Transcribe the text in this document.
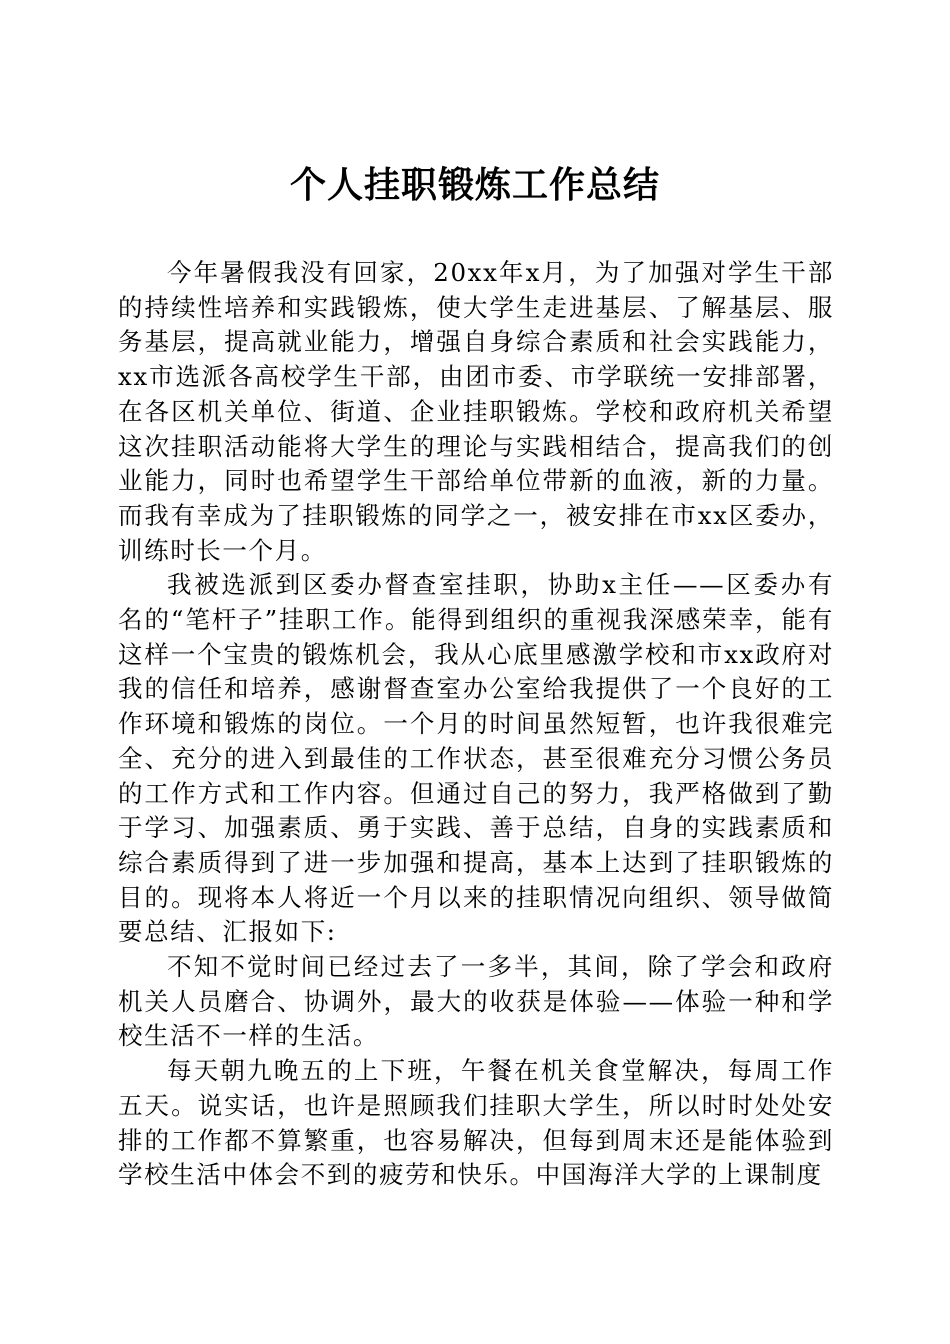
个人挂职锻炼工作总结

今年暑假我没有回家，20xx年x月，为了加强对学生干部的持续性培养和实践锻炼，使大学生走进基层、了解基层、服务基层，提高就业能力，增强自身综合素质和社会实践能力，xx市选派各高校学生干部，由团市委、市学联统一安排部署，在各区机关单位、街道、企业挂职锻炼。学校和政府机关希望这次挂职活动能将大学生的理论与实践相结合，提高我们的创业能力，同时也希望学生干部给单位带新的血液，新的力量。而我有幸成为了挂职锻炼的同学之一，被安排在市xx区委办，训练时长一个月。

我被选派到区委办督查室挂职，协助x主任——区委办有名的“笔杆子”挂职工作。能得到组织的重视我深感荣幸，能有这样一个宝贵的锻炼机会，我从心底里感激学校和市xx政府对我的信任和培养，感谢督查室办公室给我提供了一个良好的工作环境和锻炼的岗位。一个月的时间虽然短暂，也许我很难完全、充分的进入到最佳的工作状态，甚至很难充分习惯公务员的工作方式和工作内容。但通过自己的努力，我严格做到了勤于学习、加强素质、勇于实践、善于总结，自身的实践素质和综合素质得到了进一步加强和提高，基本上达到了挂职锻炼的目的。现将本人将近一个月以来的挂职情况向组织、领导做简要总结、汇报如下:

不知不觉时间已经过去了一多半，其间，除了学会和政府机关人员磨合、协调外，最大的收获是体验——体验一种和学校生活不一样的生活。

每天朝九晚五的上下班，午餐在机关食堂解决，每周工作五天。说实话，也许是照顾我们挂职大学生，所以时时处处安排的工作都不算繁重，也容易解决，但每到周末还是能体验到学校生活中体会不到的疲劳和快乐。中国海洋大学的上课制度
